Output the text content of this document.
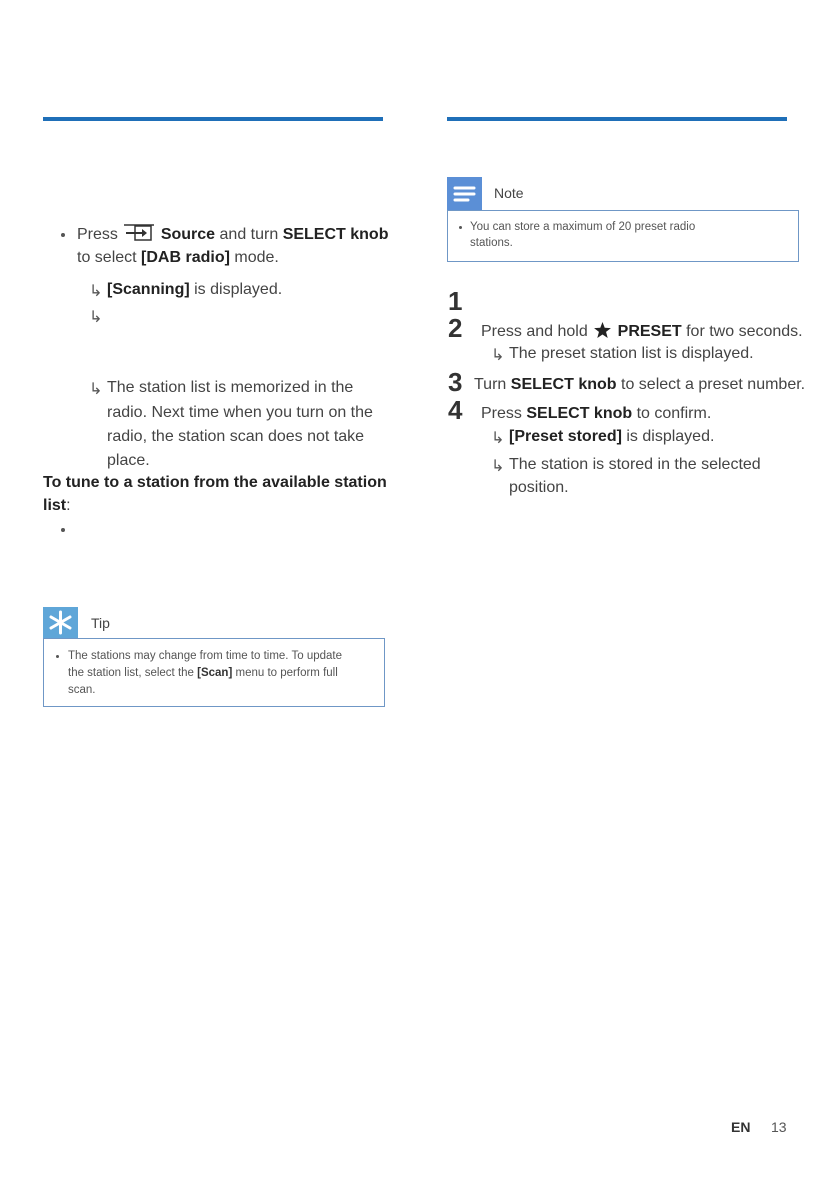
Press	Source and turn SELECT knob
to select [DAB radio] mode.
↳ [Scanning] is displayed.
↳
↳ The station list is memorized in the
radio. Next time when you turn on the
radio, the station scan does not take
place.
To tune to a station from the available station
list:
Tip
The stations may change from time to time. To update
the station list, select the [Scan] menu to perform full
scan.
Note
You can store a maximum of 20 preset radio
stations.
1
2 Press and hold PRESET for two seconds.
↳ The preset station list is displayed.
3 Turn SELECT knob to select a preset number.
4 Press SELECT knob to confirm.
↳ [Preset stored] is displayed.
↳ The station is stored in the selected
position.
EN 13
